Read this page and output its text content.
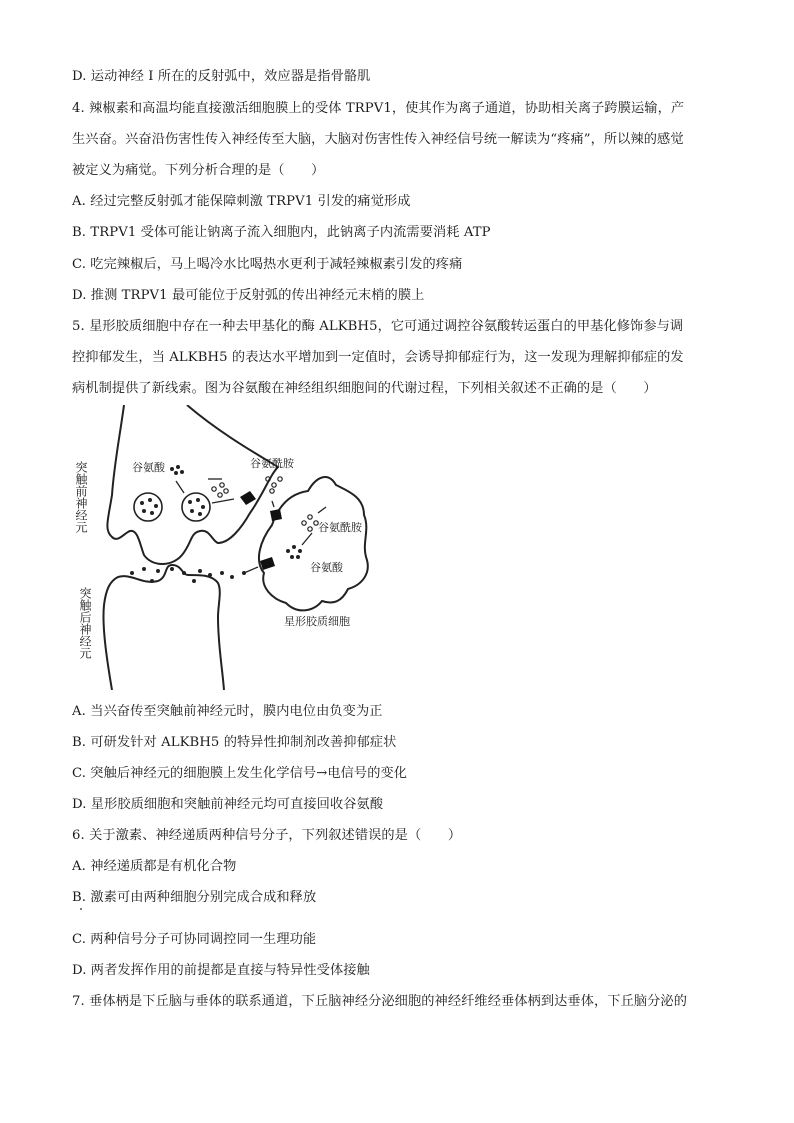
D. 运动神经 I 所在的反射弧中，效应器是指骨骼肌
4. 辣椒素和高温均能直接激活细胞膜上的受体 TRPV1，使其作为离子通道，协助相关离子跨膜运输，产
生兴奋。兴奋沿伤害性传入神经传至大脑，大脑对伤害性传入神经信号统一解读为“疼痛”，所以辣的感觉
被定义为痛觉。下列分析合理的是（　　）
A. 经过完整反射弧才能保障刺激 TRPV1 引发的痛觉形成
B. TRPV1 受体可能让钠离子流入细胞内，此钠离子内流需要消耗 ATP
C. 吃完辣椒后，马上喝冷水比喝热水更利于减轻辣椒素引发的疼痛
D. 推测 TRPV1 最可能位于反射弧的传出神经元末梢的膜上
5. 星形胶质细胞中存在一种去甲基化的酶 ALKBH5，它可通过调控谷氨酸转运蛋白的甲基化修饰参与调
控抑郁发生，当 ALKBH5 的表达水平增加到一定值时，会诱导抑郁症行为，这一发现为理解抑郁症的发
病机制提供了新线索。图为谷氨酸在神经组织细胞间的代谢过程，下列相关叙述不正确的是（　　）
谷氨酸	谷氨酰胺
谷氨酰胺
谷氨酸
星形胶质细胞
突触前神经元
突触后神经元
A. 当兴奋传至突触前神经元时，膜内电位由负变为正
B. 可研发针对 ALKBH5 的特异性抑制剂改善抑郁症状
C. 突触后神经元的细胞膜上发生化学信号→电信号的变化
D. 星形胶质细胞和突触前神经元均可直接回收谷氨酸
6. 关于激素、神经递质两种信号分子，下列叙述错误的是（　　）
A. 神经递质都是有机化合物
B. 激素可由两种细胞分别完成合成和释放
C. 两种信号分子可协同调控同一生理功能
D. 两者发挥作用的前提都是直接与特异性受体接触
7. 垂体柄是下丘脑与垂体的联系通道，下丘脑神经分泌细胞的神经纤维经垂体柄到达垂体，下丘脑分泌的
